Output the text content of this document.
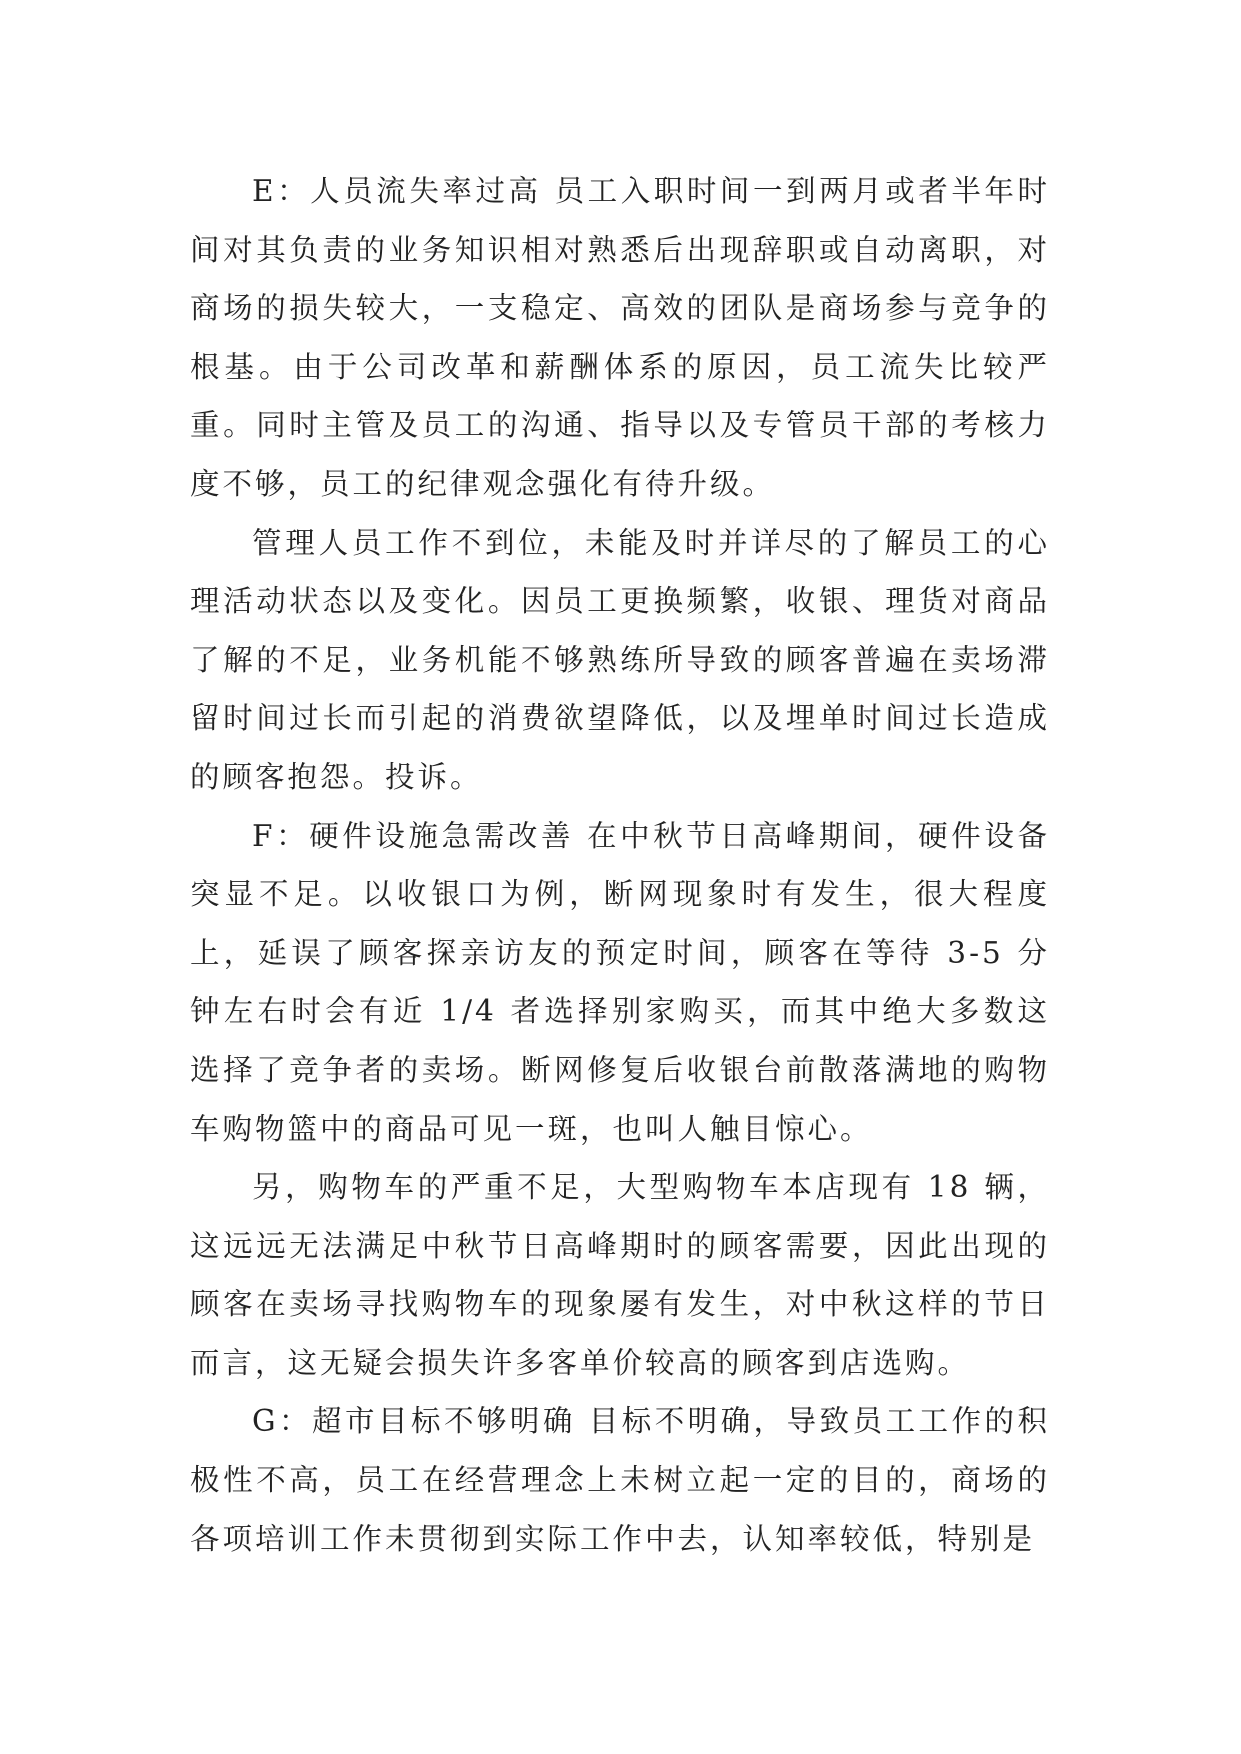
E：人员流失率过高 员工入职时间一到两月或者半年时间对其负责的业务知识相对熟悉后出现辞职或自动离职，对商场的损失较大，一支稳定、高效的团队是商场参与竞争的根基。由于公司改革和薪酬体系的原因，员工流失比较严重。同时主管及员工的沟通、指导以及专管员干部的考核力度不够，员工的纪律观念强化有待升级。

管理人员工作不到位，未能及时并详尽的了解员工的心理活动状态以及变化。因员工更换频繁，收银、理货对商品了解的不足，业务机能不够熟练所导致的顾客普遍在卖场滞留时间过长而引起的消费欲望降低，以及埋单时间过长造成的顾客抱怨。投诉。

F：硬件设施急需改善 在中秋节日高峰期间，硬件设备突显不足。以收银口为例，断网现象时有发生，很大程度上，延误了顾客探亲访友的预定时间，顾客在等待 3-5 分钟左右时会有近 1/4 者选择别家购买，而其中绝大多数这选择了竞争者的卖场。断网修复后收银台前散落满地的购物车购物篮中的商品可见一斑，也叫人触目惊心。

另，购物车的严重不足，大型购物车本店现有 18 辆，这远远无法满足中秋节日高峰期时的顾客需要，因此出现的顾客在卖场寻找购物车的现象屡有发生，对中秋这样的节日而言，这无疑会损失许多客单价较高的顾客到店选购。

G：超市目标不够明确 目标不明确，导致员工工作的积极性不高，员工在经营理念上未树立起一定的目的，商场的各项培训工作未贯彻到实际工作中去，认知率较低，特别是
